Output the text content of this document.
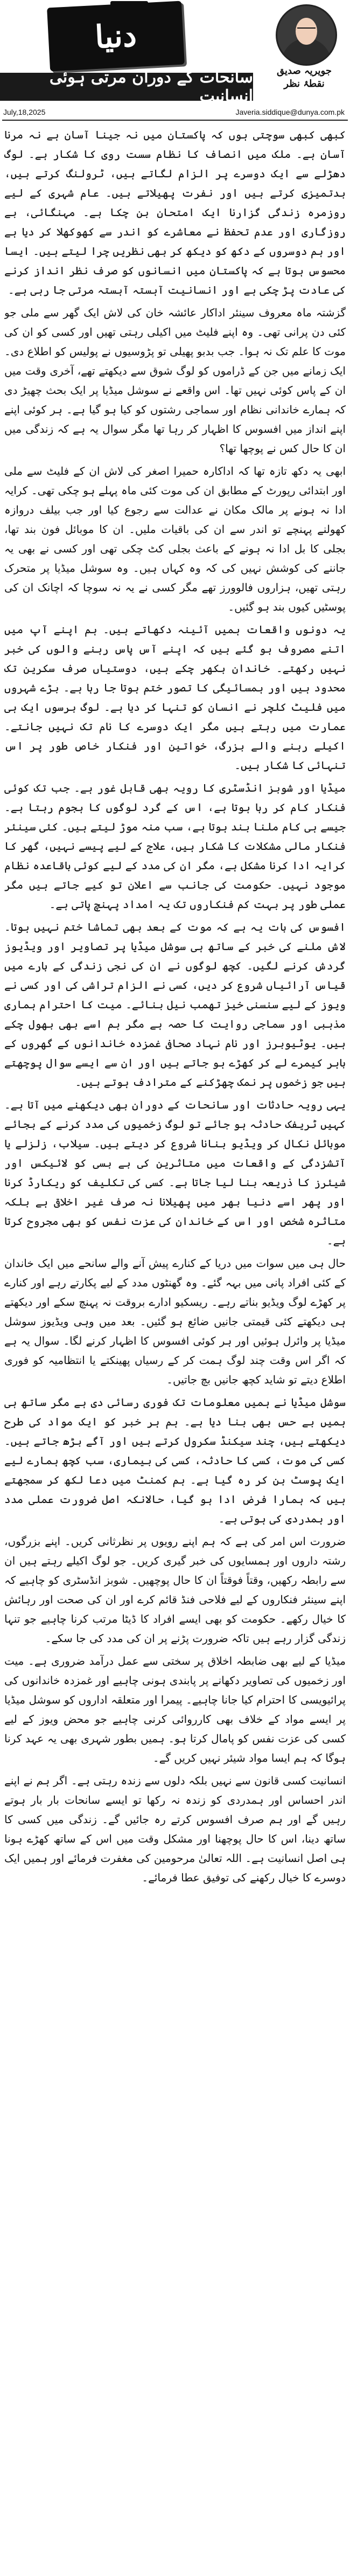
دنیا
جویریہ صدیق
نقطۂ نظر
سانحات کے دوران مرتی ہوئی انسانیت
July,18,2025	Javeria.siddique@dunya.com.pk

کبھی کبھی سوچتی ہوں کہ پاکستان میں نہ جینا آسان ہے نہ مرنا آسان ہے۔ ملک میں انصاف کا نظام سست روی کا شکار ہے۔ لوگ دھڑلے سے ایک دوسرے پر الزام لگاتے ہیں، ٹرولنگ کرتے ہیں، بدتمیزی کرتے ہیں اور نفرت پھیلاتے ہیں۔ عام شہری کے لیے روزمرہ زندگی گزارنا ایک امتحان بن چکا ہے۔ مہنگائی، بے روزگاری اور عدم تحفظ نے معاشرے کو اندر سے کھوکھلا کر دیا ہے اور ہم دوسروں کے دکھ کو دیکھ کر بھی نظریں چرا لیتے ہیں۔ ایسا محسوس ہوتا ہے کہ پاکستان میں انسانوں کو صرف نظر انداز کرنے کی عادت پڑ چکی ہے اور انسانیت آہستہ آہستہ مرتی جا رہی ہے۔

گزشتہ ماہ معروف سینئر اداکار عائشہ خان کی لاش ایک گھر سے ملی جو کئی دن پرانی تھی۔ وہ اپنے فلیٹ میں اکیلی رہتی تھیں اور کسی کو ان کی موت کا علم تک نہ ہوا۔ جب بدبو پھیلی تو پڑوسیوں نے پولیس کو اطلاع دی۔ ایک زمانے میں جن کے ڈراموں کو لوگ شوق سے دیکھتے تھے، آخری وقت میں ان کے پاس کوئی نہیں تھا۔ اس واقعے نے سوشل میڈیا پر ایک بحث چھیڑ دی کہ ہمارے خاندانی نظام اور سماجی رشتوں کو کیا ہو گیا ہے۔ ہر کوئی اپنے اپنے انداز میں افسوس کا اظہار کر رہا تھا مگر سوال یہ ہے کہ زندگی میں ان کا حال کس نے پوچھا تھا؟

ابھی یہ دکھ تازہ تھا کہ اداکارہ حمیرا اصغر کی لاش ان کے فلیٹ سے ملی اور ابتدائی رپورٹ کے مطابق ان کی موت کئی ماہ پہلے ہو چکی تھی۔ کرایہ ادا نہ ہونے پر مالک مکان نے عدالت سے رجوع کیا اور جب بیلف دروازہ کھولنے پہنچے تو اندر سے ان کی باقیات ملیں۔ ان کا موبائل فون بند تھا، بجلی کا بل ادا نہ ہونے کے باعث بجلی کٹ چکی تھی اور کسی نے بھی یہ جاننے کی کوشش نہیں کی کہ وہ کہاں ہیں۔ وہ سوشل میڈیا پر متحرک رہتی تھیں، ہزاروں فالوورز تھے مگر کسی نے یہ نہ سوچا کہ اچانک ان کی پوسٹیں کیوں بند ہو گئیں۔

یہ دونوں واقعات ہمیں آئینہ دکھاتے ہیں۔ ہم اپنے آپ میں اتنے مصروف ہو گئے ہیں کہ اپنے آس پاس رہنے والوں کی خبر نہیں رکھتے۔ خاندان بکھر چکے ہیں، دوستیاں صرف سکرین تک محدود ہیں اور ہمسائیگی کا تصور ختم ہوتا جا رہا ہے۔ بڑے شہروں میں فلیٹ کلچر نے انسان کو تنہا کر دیا ہے۔ لوگ برسوں ایک ہی عمارت میں رہتے ہیں مگر ایک دوسرے کا نام تک نہیں جانتے۔ اکیلے رہنے والے بزرگ، خواتین اور فنکار خاص طور پر اس تنہائی کا شکار ہیں۔

میڈیا اور شوبز انڈسٹری کا رویہ بھی قابل غور ہے۔ جب تک کوئی فنکار کام کر رہا ہوتا ہے، اس کے گرد لوگوں کا ہجوم رہتا ہے۔ جیسے ہی کام ملنا بند ہوتا ہے، سب منہ موڑ لیتے ہیں۔ کئی سینئر فنکار مالی مشکلات کا شکار ہیں، علاج کے لیے پیسے نہیں، گھر کا کرایہ ادا کرنا مشکل ہے، مگر ان کی مدد کے لیے کوئی باقاعدہ نظام موجود نہیں۔ حکومت کی جانب سے اعلان تو کیے جاتے ہیں مگر عملی طور پر بہت کم فنکاروں تک یہ امداد پہنچ پاتی ہے۔

افسوس کی بات یہ ہے کہ موت کے بعد بھی تماشا ختم نہیں ہوتا۔ لاش ملنے کی خبر کے ساتھ ہی سوشل میڈیا پر تصاویر اور ویڈیوز گردش کرنے لگیں۔ کچھ لوگوں نے ان کی نجی زندگی کے بارے میں قیاس آرائیاں شروع کر دیں، کسی نے الزام تراشی کی اور کسی نے ویوز کے لیے سنسنی خیز تھمب نیل بنائے۔ میت کا احترام ہماری مذہبی اور سماجی روایت کا حصہ ہے مگر ہم اسے بھی بھول چکے ہیں۔ یوٹیوبرز اور نام نہاد صحافی غمزدہ خاندانوں کے گھروں کے باہر کیمرے لے کر کھڑے ہو جاتے ہیں اور ان سے ایسے سوال پوچھتے ہیں جو زخموں پر نمک چھڑکنے کے مترادف ہوتے ہیں۔

یہی رویہ حادثات اور سانحات کے دوران بھی دیکھنے میں آتا ہے۔ کہیں ٹریفک حادثہ ہو جائے تو لوگ زخمیوں کی مدد کرنے کے بجائے موبائل نکال کر ویڈیو بنانا شروع کر دیتے ہیں۔ سیلاب، زلزلے یا آتشزدگی کے واقعات میں متاثرین کی بے بسی کو لائیکس اور شیئرز کا ذریعہ بنا لیا جاتا ہے۔ کسی کی تکلیف کو ریکارڈ کرنا اور پھر اسے دنیا بھر میں پھیلانا نہ صرف غیر اخلاقی ہے بلکہ متاثرہ شخص اور اس کے خاندان کی عزت نفس کو بھی مجروح کرتا ہے۔

حال ہی میں سوات میں دریا کے کنارے پیش آنے والے سانحے میں ایک خاندان کے کئی افراد پانی میں بہہ گئے۔ وہ گھنٹوں مدد کے لیے پکارتے رہے اور کنارے پر کھڑے لوگ ویڈیو بناتے رہے۔ ریسکیو ادارے بروقت نہ پہنچ سکے اور دیکھتے ہی دیکھتے کئی قیمتی جانیں ضائع ہو گئیں۔ بعد میں وہی ویڈیوز سوشل میڈیا پر وائرل ہوئیں اور ہر کوئی افسوس کا اظہار کرنے لگا۔ سوال یہ ہے کہ اگر اس وقت چند لوگ ہمت کر کے رسیاں پھینکتے یا انتظامیہ کو فوری اطلاع دیتے تو شاید کچھ جانیں بچ جاتیں۔

سوشل میڈیا نے ہمیں معلومات تک فوری رسائی دی ہے مگر ساتھ ہی ہمیں بے حس بھی بنا دیا ہے۔ ہم ہر خبر کو ایک مواد کی طرح دیکھتے ہیں، چند سیکنڈ سکرول کرتے ہیں اور آگے بڑھ جاتے ہیں۔ کسی کی موت، کسی کا حادثہ، کسی کی بیماری، سب کچھ ہمارے لیے ایک پوسٹ بن کر رہ گیا ہے۔ ہم کمنٹ میں دعا لکھ کر سمجھتے ہیں کہ ہمارا فرض ادا ہو گیا، حالانکہ اصل ضرورت عملی مدد اور ہمدردی کی ہوتی ہے۔

ضرورت اس امر کی ہے کہ ہم اپنے رویوں پر نظرثانی کریں۔ اپنے بزرگوں، رشتہ داروں اور ہمسایوں کی خبر گیری کریں۔ جو لوگ اکیلے رہتے ہیں ان سے رابطہ رکھیں، وقتاً فوقتاً ان کا حال پوچھیں۔ شوبز انڈسٹری کو چاہیے کہ اپنے سینئر فنکاروں کے لیے فلاحی فنڈ قائم کرے اور ان کی صحت اور رہائش کا خیال رکھے۔ حکومت کو بھی ایسے افراد کا ڈیٹا مرتب کرنا چاہیے جو تنہا زندگی گزار رہے ہیں تاکہ ضرورت پڑنے پر ان کی مدد کی جا سکے۔

میڈیا کے لیے بھی ضابطہ اخلاق پر سختی سے عمل درآمد ضروری ہے۔ میت اور زخمیوں کی تصاویر دکھانے پر پابندی ہونی چاہیے اور غمزدہ خاندانوں کی پرائیویسی کا احترام کیا جانا چاہیے۔ پیمرا اور متعلقہ اداروں کو سوشل میڈیا پر ایسے مواد کے خلاف بھی کارروائی کرنی چاہیے جو محض ویوز کے لیے کسی کی عزت نفس کو پامال کرتا ہو۔ ہمیں بطور شہری بھی یہ عہد کرنا ہوگا کہ ہم ایسا مواد شیئر نہیں کریں گے۔

انسانیت کسی قانون سے نہیں بلکہ دلوں سے زندہ رہتی ہے۔ اگر ہم نے اپنے اندر احساس اور ہمدردی کو زندہ نہ رکھا تو ایسے سانحات بار بار ہوتے رہیں گے اور ہم صرف افسوس کرتے رہ جائیں گے۔ زندگی میں کسی کا ساتھ دینا، اس کا حال پوچھنا اور مشکل وقت میں اس کے ساتھ کھڑے ہونا ہی اصل انسانیت ہے۔ اللہ تعالیٰ مرحومین کی مغفرت فرمائے اور ہمیں ایک دوسرے کا خیال رکھنے کی توفیق عطا فرمائے۔
